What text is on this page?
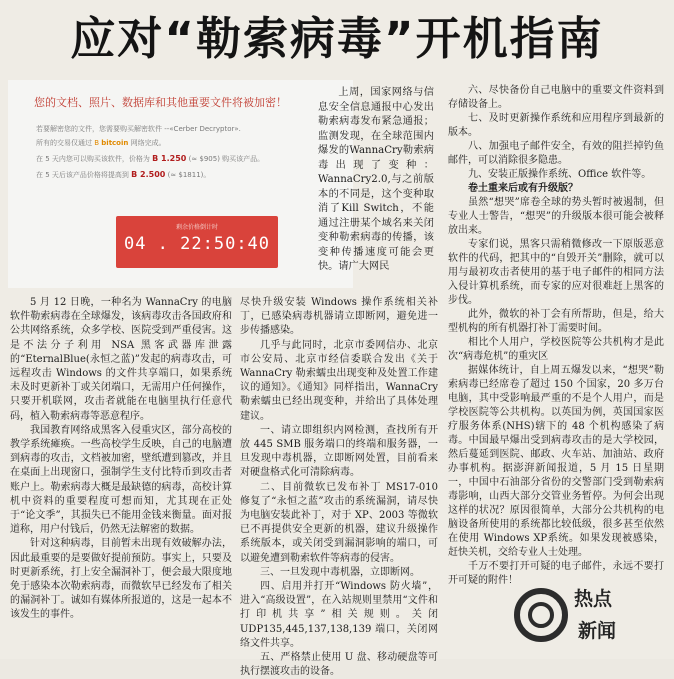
应对“勒索病毒”开机指南
您的文档、照片、数据库和其他重要文件将被加密！
若要解密您的文件，您需要购买解密软件 --«Cerber Decryptor».
所有的交易仅通过 B bitcoin 网络完成。
在 5 天内您可以购买该软件，价格为 B 1.250 (≈ $905) 购买该产品。
在 5 天后该产品价格将提高到 B 2.500 (≈ $1811)。
剩余价格倒计时
04 . 22:50:40

上周，国家网络与信息安全信息通报中心发出勒索病毒发布紧急通报；监测发现，在全球范围内爆发的WannaCry勒索病毒出现了变种：WannaCry2.0,与之前版本的不同是，这个变种取消了Kill Switch，不能通过注册某个域名来关闭变种勒索病毒的传播，该变种传播速度可能会更快。请广大网民

六、尽快备份自己电脑中的重要文件资料到存储设备上。

七、及时更新操作系统和应用程序到最新的版本。

八、加强电子邮件安全，有效的阻拦掉钓鱼邮件，可以消除很多隐患。

九、安装正版操作系统、Office 软件等。

卷土重来后或有升级版？

虽然“想哭”席卷全球的势头暂时被遏制，但专业人士警告，“想哭”的升级版本很可能会被释放出来。

专家们说，黑客只需稍微修改一下原版恶意软件的代码，把其中的“自毁开关”删除，就可以用与最初攻击者使用的基于电子邮件的相同方法入侵计算机系统，而专家的应对很难赶上黑客的步伐。

此外，微软的补丁会有所帮助，但是，给大型机构的所有机器打补丁需要时间。

相比个人用户，学校医院等公共机构才是此次“病毒危机”的重灾区

据媒体统计，自上周五爆发以来，“想哭”勒索病毒已经席卷了超过 150 个国家，20 多万台电脑，其中受影响最严重的不是个人用户，而是学校医院等公共机构。以英国为例，英国国家医疗服务体系(NHS)辖下的 48 个机构感染了病毒。中国最早爆出受到病毒攻击的是大学校园，然后蔓延到医院、邮政、火车站、加油站、政府办事机构。据澎湃新闻报道，5 月 15 日星期一，中国中石油部分省份的交警部门受到勒索病毒影响，山西大部分交管业务暂停。为何会出现这样的状况？原因很简单，大部分公共机构的电脑设备所使用的系统都比较低级，很多甚至依然在使用 Windows XP系统。如果发现被感染，赶快关机，交给专业人士处理。

千万不要打开可疑的电子邮件，永远不要打开可疑的附件！

5 月 12 日晚，一种名为 WannaCry 的电脑软件勒索病毒在全球爆发，该病毒攻击各国政府和公共网络系统，众多学校、医院受到严重侵害。这是不法分子利用 NSA 黑客武器库泄露的“EternalBlue(永恒之蓝)”发起的病毒攻击，可远程攻击 Windows 的文件共享端口，如果系统未及时更新补丁或关闭端口，无需用户任何操作，只要开机联网，攻击者就能在电脑里执行任意代码，植入勒索病毒等恶意程序。

我国教育网络成黑客入侵重灾区，部分高校的教学系统瘫痪。一些高校学生反映，自己的电脑遭到病毒的攻击，文档被加密，壁纸遭到篡改，并且在桌面上出现窗口，强制学生支付比特币到攻击者账户上。勒索病毒大概是最缺德的病毒，高校计算机中资料的重要程度可想而知，尤其现在正处于“论文季”，其损失已不能用金钱来衡量。面对报道称，用户付钱后，仍然无法解密的数据。

针对这种病毒，目前暂未出现有效破解办法，因此最重要的是要做好提前预防。事实上，只要及时更新系统，打上安全漏洞补丁，便会最大限度地免于感染本次勒索病毒，而微软早已经发布了相关的漏洞补丁。诚如有媒体所报道的，这是一起本不该发生的事件。

尽快升级安装 Windows 操作系统相关补丁，已感染病毒机器请立即断网，避免进一步传播感染。

几乎与此同时，北京市委网信办、北京市公安局、北京市经信委联合发出《关于WannaCry 勒索蠕虫出现变种及处置工作建议的通知》。《通知》同样指出，WannaCry 勒索蠕虫已经出现变种，并给出了具体处理建议。

一、请立即组织内网检测，查找所有开放 445 SMB 服务端口的终端和服务器，一旦发现中毒机器，立即断网处置，目前看来对硬盘格式化可清除病毒。

二、目前微软已发布补丁 MS17-010 修复了“永恒之蓝”攻击的系统漏洞，请尽快为电脑安装此补丁，对于 XP、2003 等微软已不再提供安全更新的机器，建议升级操作系统版本，或关闭受到漏洞影响的端口，可以避免遭到勒索软件等病毒的侵害。

三、一旦发现中毒机器，立即断网。

四、启用并打开“Windows 防火墙”，进入“高级设置”，在入站规则里禁用“文件和打印机共享”相关规则。关闭 UDP135,445,137,138,139 端口，关闭网络文件共享。

五、严格禁止使用 U 盘、移动硬盘等可执行摆渡攻击的设备。

热点
新闻
